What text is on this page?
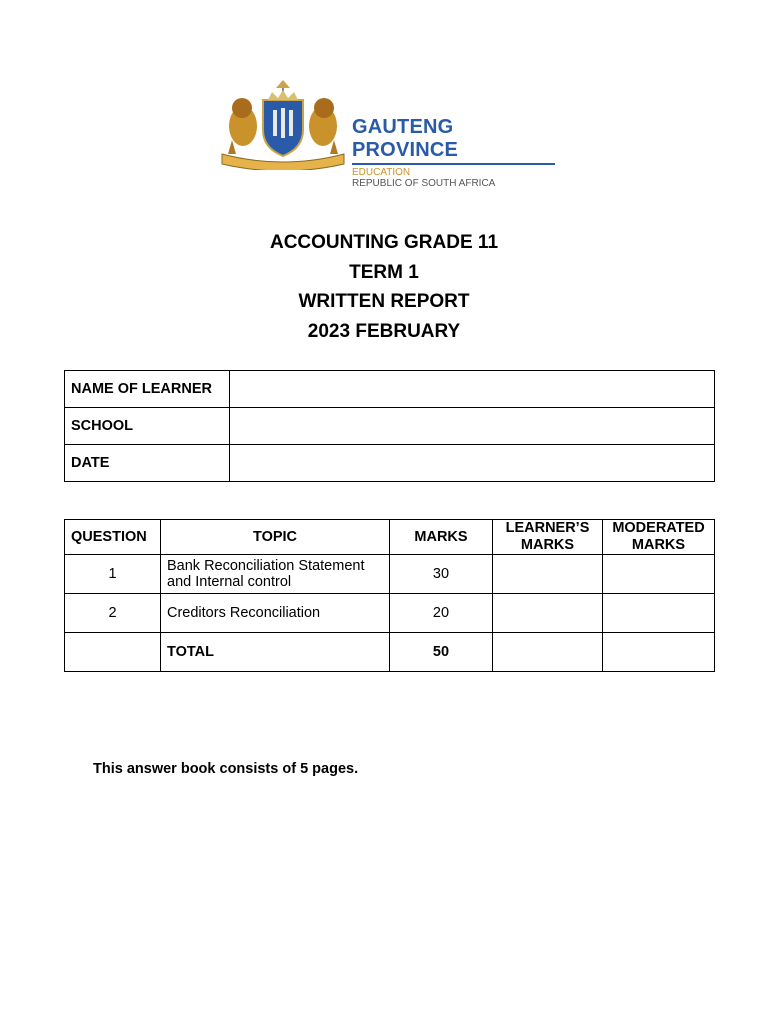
GAUTENG PROVINCE
EDUCATION
REPUBLIC OF SOUTH AFRICA
ACCOUNTING GRADE 11
TERM 1
WRITTEN REPORT
2023 FEBRUARY
NAME OF LEARNER	
SCHOOL	
DATE	
QUESTION	TOPIC	MARKS	LEARNER’S MARKS	MODERATED MARKS
1	Bank Reconciliation Statement and Internal control	30		
2	Creditors Reconciliation	20		
	TOTAL	50		
This answer book consists of 5 pages.
